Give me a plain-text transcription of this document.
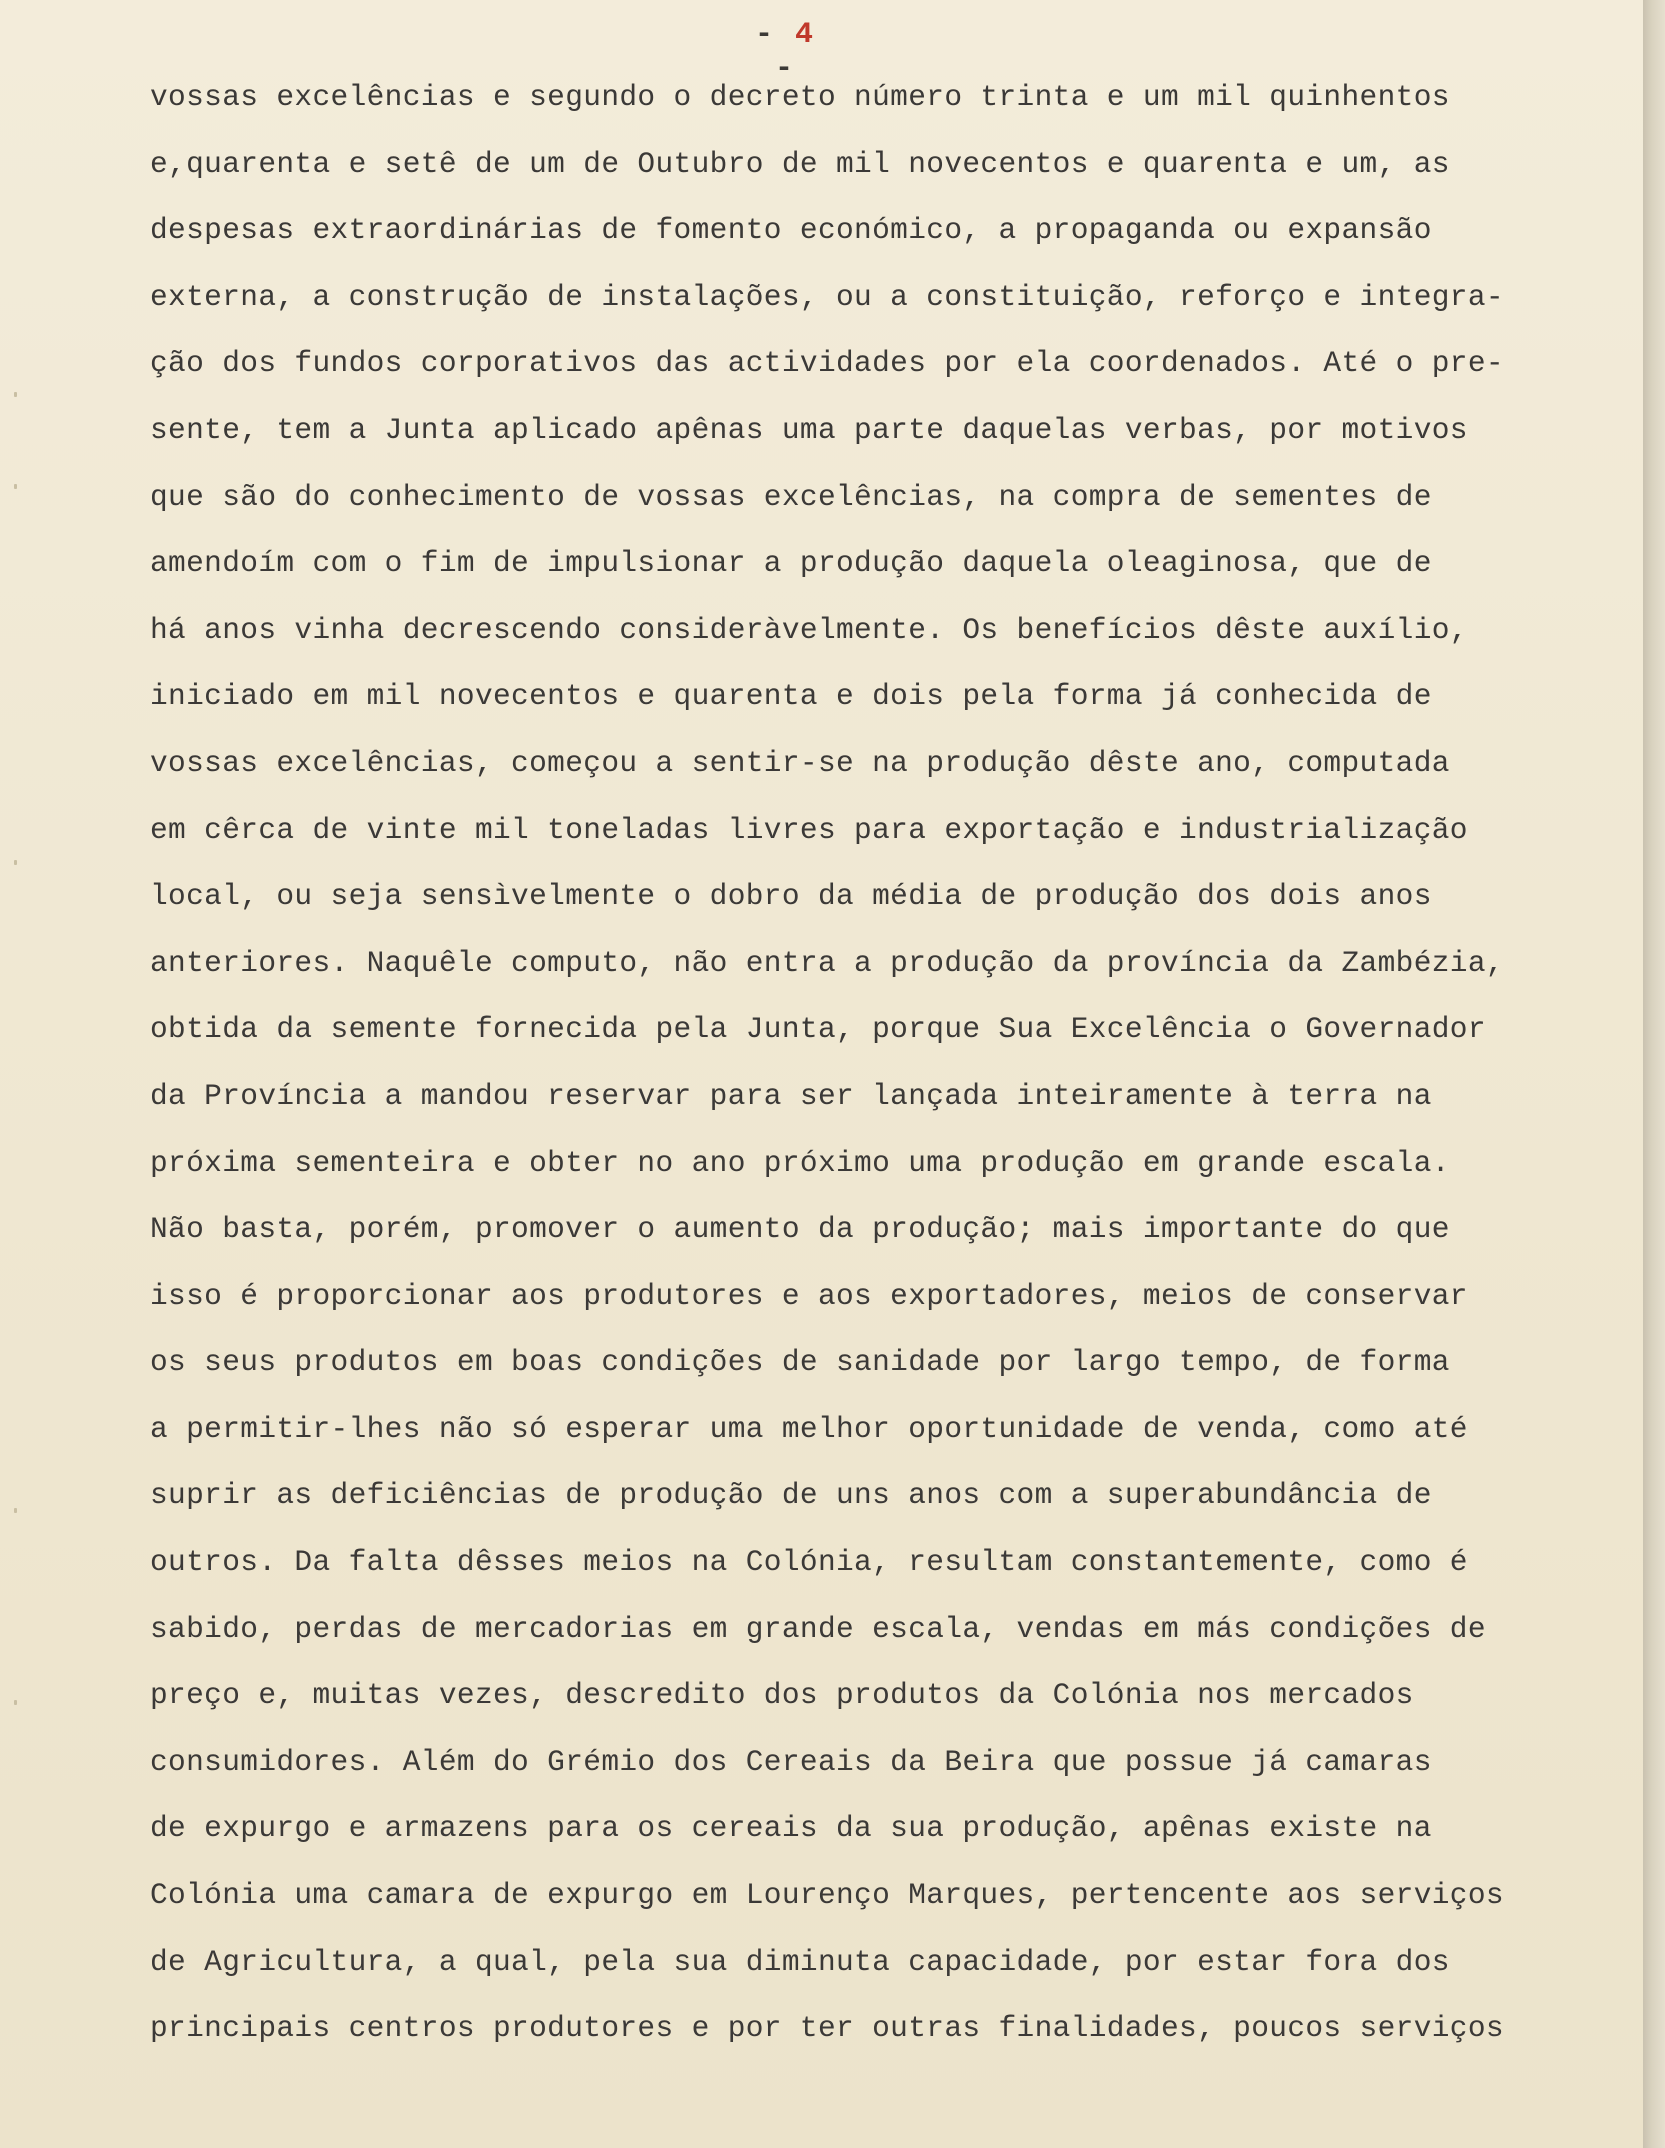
- 4 -
vossas excelências e segundo o decreto número trinta e um mil quinhentos
e,quarenta e setê de um de Outubro de mil novecentos e quarenta e um, as
despesas extraordinárias de fomento económico, a propaganda ou expansão
externa, a construção de instalações, ou a constituição, reforço e integra-
ção dos fundos corporativos das actividades por ela coordenados. Até o pre-
sente, tem a Junta aplicado apênas uma parte daquelas verbas, por motivos
que são do conhecimento de vossas excelências, na compra de sementes de
amendoím com o fim de impulsionar a produção daquela oleaginosa, que de
há anos vinha decrescendo consideràvelmente. Os benefícios dêste auxílio,
iniciado em mil novecentos e quarenta e dois pela forma já conhecida de
vossas excelências, começou a sentir-se na produção dêste ano, computada
em cêrca de vinte mil toneladas livres para exportação e industrialização
local, ou seja sensìvelmente o dobro da média de produção dos dois anos
anteriores. Naquêle computo, não entra a produção da província da Zambézia,
obtida da semente fornecida pela Junta, porque Sua Excelência o Governador
da Província a mandou reservar para ser lançada inteiramente à terra na
próxima sementeira e obter no ano próximo uma produção em grande escala.
Não basta, porém, promover o aumento da produção; mais importante do que
isso é proporcionar aos produtores e aos exportadores, meios de conservar
os seus produtos em boas condições de sanidade por largo tempo, de forma
a permitir-lhes não só esperar uma melhor oportunidade de venda, como até
suprir as deficiências de produção de uns anos com a superabundância de
outros. Da falta dêsses meios na Colónia, resultam constantemente, como é
sabido, perdas de mercadorias em grande escala, vendas em más condições de
preço e, muitas vezes, descredito dos produtos da Colónia nos mercados
consumidores. Além do Grémio dos Cereais da Beira que possue já camaras
de expurgo e armazens para os cereais da sua produção, apênas existe na
Colónia uma camara de expurgo em Lourenço Marques, pertencente aos serviços
de Agricultura, a qual, pela sua diminuta capacidade, por estar fora dos
principais centros produtores e por ter outras finalidades, poucos serviços
